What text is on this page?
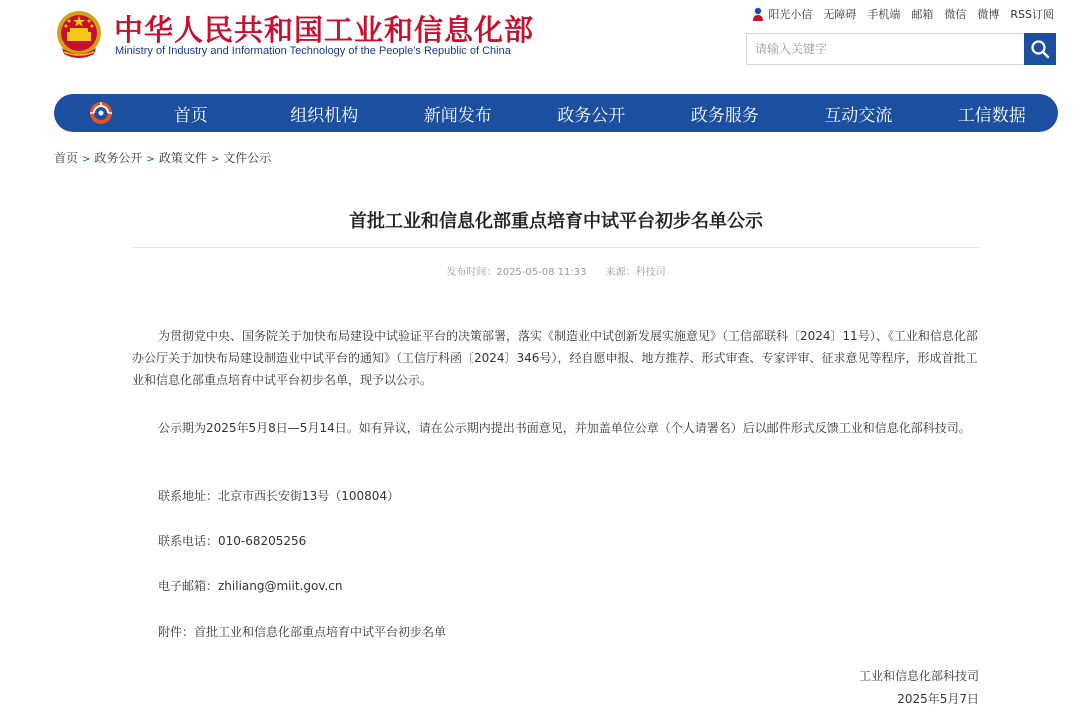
中华人民共和国工业和信息化部
Ministry of Industry and Information Technology of the People’s Republic of China
阳光小信 无障碍 手机端 邮箱 微信 微博 RSS订阅
请输入关键字
首页	组织机构	新闻发布	政务公开	政务服务	互动交流	工信数据
首页 > 政务公开 > 政策文件 > 文件公示
首批工业和信息化部重点培育中试平台初步名单公示
发布时间：2025-05-08 11:33 来源：科技司

为贯彻党中央、国务院关于加快布局建设中试验证平台的决策部署，落实《制造业中试创新发展实施意见》（工信部联科〔2024〕11号）、《工业和信息化部办公厅关于加快布局建设制造业中试平台的通知》（工信厅科函〔2024〕346号），经自愿申报、地方推荐、形式审查、专家评审、征求意见等程序，形成首批工业和信息化部重点培育中试平台初步名单，现予以公示。

公示期为2025年5月8日—5月14日。如有异议，请在公示期内提出书面意见，并加盖单位公章（个人请署名）后以邮件形式反馈工业和信息化部科技司。

联系地址：北京市西长安街13号（100804）

联系电话：010-68205256

电子邮箱：zhiliang@miit.gov.cn

附件：首批工业和信息化部重点培育中试平台初步名单

工业和信息化部科技司
2025年5月7日
